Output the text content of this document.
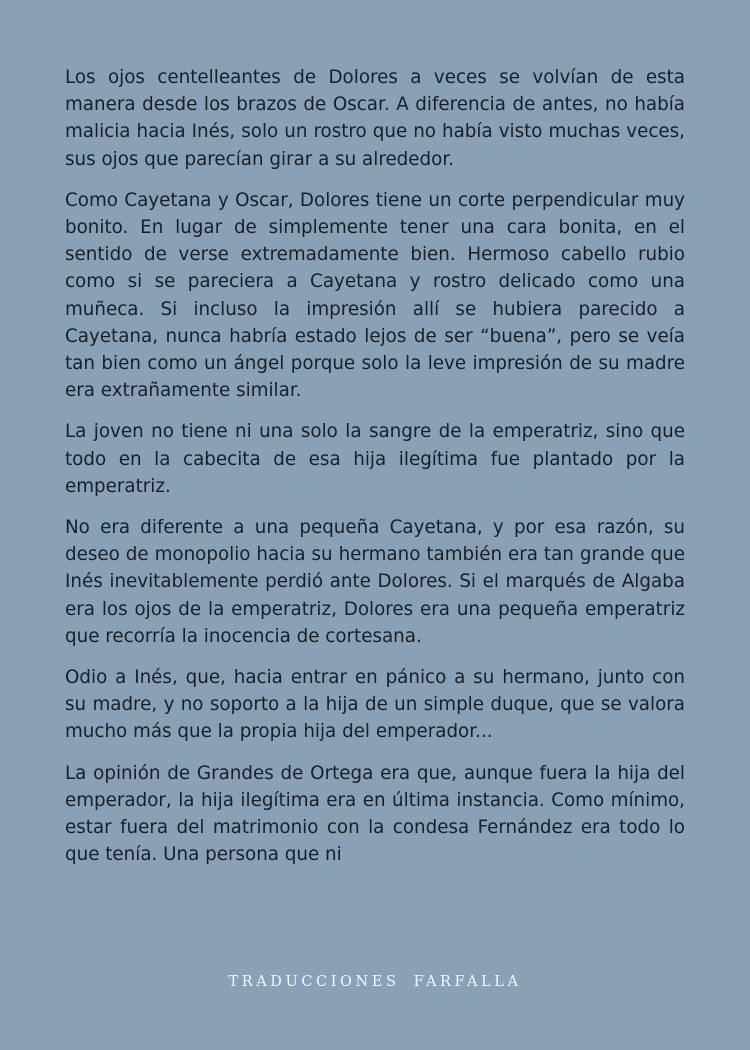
Los ojos centelleantes de Dolores a veces se volvían de esta manera desde los brazos de Oscar. A diferencia de antes, no había malicia hacia Inés, solo un rostro que no había visto muchas veces, sus ojos que parecían girar a su alrededor.

Como Cayetana y Oscar, Dolores tiene un corte perpendicular muy bonito. En lugar de simplemente tener una cara bonita, en el sentido de verse extremadamente bien. Hermoso cabello rubio como si se pareciera a Cayetana y rostro delicado como una muñeca. Si incluso la impresión allí se hubiera parecido a Cayetana, nunca habría estado lejos de ser “buena”, pero se veía tan bien como un ángel porque solo la leve impresión de su madre era extrañamente similar.

La joven no tiene ni una solo la sangre de la emperatriz, sino que todo en la cabecita de esa hija ilegítima fue plantado por la emperatriz.

No era diferente a una pequeña Cayetana, y por esa razón, su deseo de monopolio hacia su hermano también era tan grande que Inés inevitablemente perdió ante Dolores. Si el marqués de Algaba era los ojos de la emperatriz, Dolores era una pequeña emperatriz que recorría la inocencia de cortesana.

Odio a Inés, que, hacia entrar en pánico a su hermano, junto con su madre, y no soporto a la hija de un simple duque, que se valora mucho más que la propia hija del emperador...

La opinión de Grandes de Ortega era que, aunque fuera la hija del emperador, la hija ilegítima era en última instancia. Como mínimo, estar fuera del matrimonio con la condesa Fernández era todo lo que tenía. Una persona que ni

TRADUCCIONES FARFALLA
